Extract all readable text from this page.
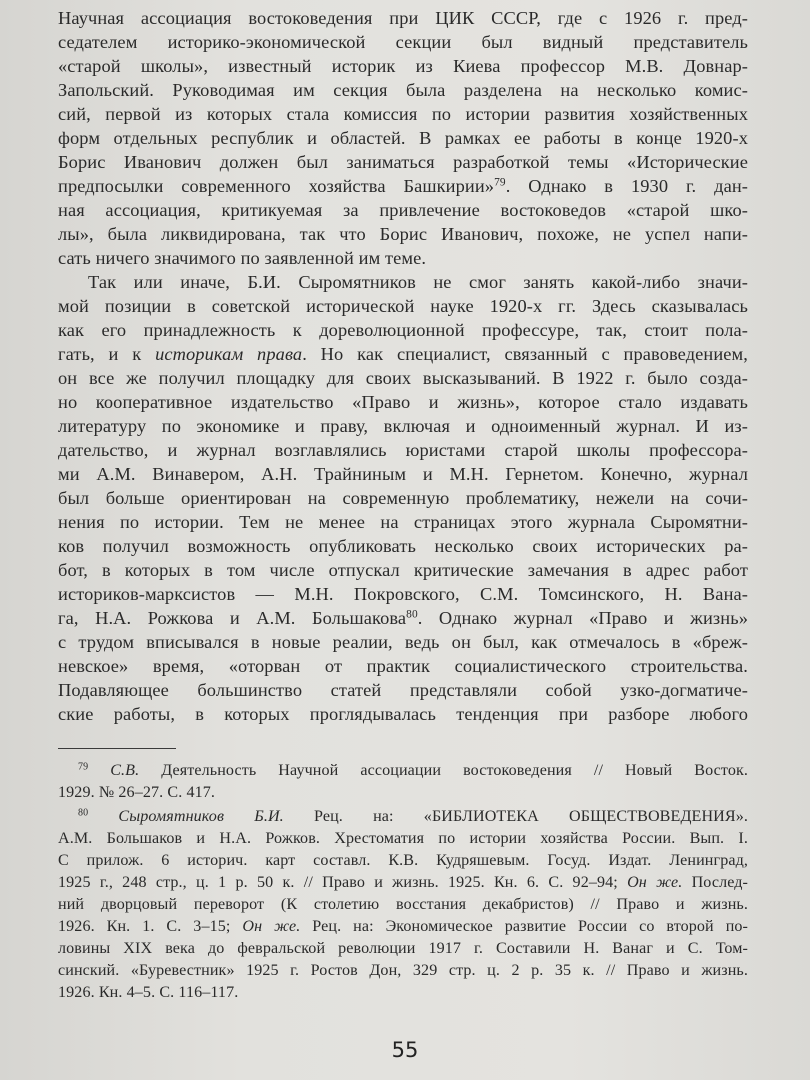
Научная ассоциация востоковедения при ЦИК СССР, где с 1926 г. пред-
седателем историко-экономической секции был видный представитель
«старой школы», известный историк из Киева профессор М.В. Довнар-
Запольский. Руководимая им секция была разделена на несколько комис-
сий, первой из которых стала комиссия по истории развития хозяйственных
форм отдельных республик и областей. В рамках ее работы в конце 1920-х
Борис Иванович должен был заниматься разработкой темы «Исторические
предпосылки современного хозяйства Башкирии»$^{79}$. Однако в 1930 г. дан-
ная ассоциация, критикуемая за привлечение востоковедов «старой шко-
лы», была ликвидирована, так что Борис Иванович, похоже, не успел напи-
сать ничего значимого по заявленной им теме.
Так или иначе, Б.И. Сыромятников не смог занять какой-либо значи-
мой позиции в советской исторической науке 1920-х гг. Здесь сказывалась
как его принадлежность к дореволюционной профессуре, так, стоит пола-
гать, и к историкам права. Но как специалист, связанный с правоведением,
он все же получил площадку для своих высказываний. В 1922 г. было созда-
но кооперативное издательство «Право и жизнь», которое стало издавать
литературу по экономике и праву, включая и одноименный журнал. И из-
дательство, и журнал возглавлялись юристами старой школы профессора-
ми А.М. Винавером, А.Н. Трайниным и М.Н. Гернетом. Конечно, журнал
был больше ориентирован на современную проблематику, нежели на сочи-
нения по истории. Тем не менее на страницах этого журнала Сыромятни-
ков получил возможность опубликовать несколько своих исторических ра-
бот, в которых в том числе отпускал критические замечания в адрес работ
историков-марксистов — М.Н. Покровского, С.М. Томсинского, Н. Вана-
га, Н.А. Рожкова и А.М. Большакова$^{80}$. Однако журнал «Право и жизнь»
с трудом вписывался в новые реалии, ведь он был, как отмечалось в «бреж-
невское» время, «оторван от практик социалистического строительства.
Подавляющее большинство статей представляли собой узко-догматиче-
ские работы, в которых проглядывалась тенденция при разборе любого
$^{79}$ С.В. Деятельность Научной ассоциации востоковедения // Новый Восток.
1929. № 26–27. С. 417.
$^{80}$ Сыромятников Б.И. Рец. на: «БИБЛИОТЕКА ОБЩЕСТВОВЕДЕНИЯ».
А.М. Большаков и Н.А. Рожков. Хрестоматия по истории хозяйства России. Вып. I.
С прилож. 6 историч. карт составл. К.В. Кудряшевым. Госуд. Издат. Ленинград,
1925 г., 248 стр., ц. 1 р. 50 к. // Право и жизнь. 1925. Кн. 6. С. 92–94; Он же. Послед-
ний дворцовый переворот (К столетию восстания декабристов) // Право и жизнь.
1926. Кн. 1. С. 3–15; Он же. Рец. на: Экономическое развитие России со второй по-
ловины XIX века до февральской революции 1917 г. Составили Н. Ванаг и С. Том-
синский. «Буревестник» 1925 г. Ростов Дон, 329 стр. ц. 2 р. 35 к. // Право и жизнь.
1926. Кн. 4–5. С. 116–117.
55
